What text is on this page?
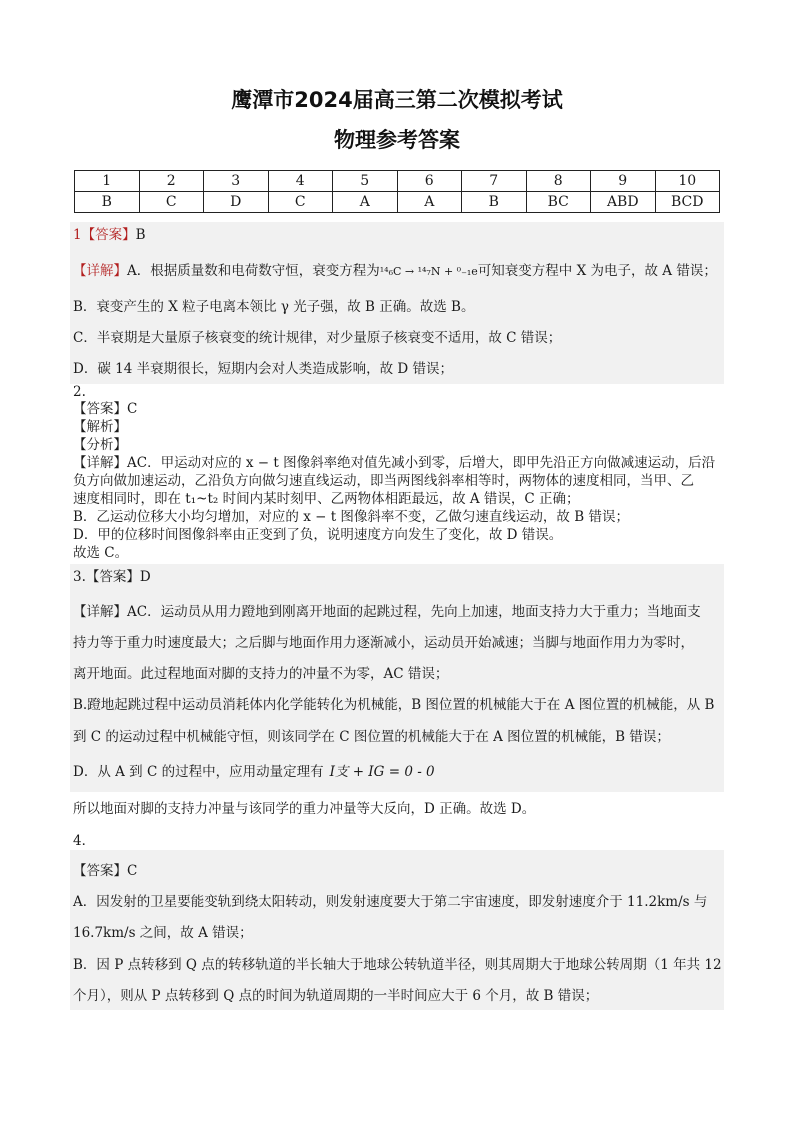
鹰潭市2024届高三第二次模拟考试
物理参考答案
1	2	3	4	5	6	7	8	9	10
B	C	D	C	A	A	B	BC	ABD	BCD
1【答案】B
【详解】A．根据质量数和电荷数守恒，衰变方程为¹⁴₆C → ¹⁴₇N + ⁰₋₁e可知衰变方程中 X 为电子，故 A 错误；
B．衰变产生的 X 粒子电离本领比 γ 光子强，故 B 正确。故选 B。
C．半衰期是大量原子核衰变的统计规律，对少量原子核衰变不适用，故 C 错误；
D．碳 14 半衰期很长，短期内会对人类造成影响，故 D 错误；
2.
【答案】C
【解析】
【分析】
【详解】AC．甲运动对应的 x − t 图像斜率绝对值先减小到零，后增大，即甲先沿正方向做减速运动，后沿
负方向做加速运动，乙沿负方向做匀速直线运动，即当两图线斜率相等时，两物体的速度相同，当甲、乙
速度相同时，即在 t₁~t₂ 时间内某时刻甲、乙两物体相距最远，故 A 错误，C 正确；
B．乙运动位移大小均匀增加，对应的 x − t 图像斜率不变，乙做匀速直线运动，故 B 错误；
D．甲的位移时间图像斜率由正变到了负，说明速度方向发生了变化，故 D 错误。
故选 C。
3.【答案】D
【详解】AC．运动员从用力蹬地到刚离开地面的起跳过程，先向上加速，地面支持力大于重力；当地面支
持力等于重力时速度最大；之后脚与地面作用力逐渐减小，运动员开始减速；当脚与地面作用力为零时，
离开地面。此过程地面对脚的支持力的冲量不为零，AC 错误；
B.蹬地起跳过程中运动员消耗体内化学能转化为机械能，B 图位置的机械能大于在 A 图位置的机械能，从 B
到 C 的运动过程中机械能守恒，则该同学在 C 图位置的机械能大于在 A 图位置的机械能，B 错误；
D．从 A 到 C 的过程中，应用动量定理有 I支 + IG = 0 - 0
所以地面对脚的支持力冲量与该同学的重力冲量等大反向，D 正确。故选 D。
4．
【答案】C
A．因发射的卫星要能变轨到绕太阳转动，则发射速度要大于第二宇宙速度，即发射速度介于 11.2km/s 与
16.7km/s 之间，故 A 错误；
B．因 P 点转移到 Q 点的转移轨道的半长轴大于地球公转轨道半径，则其周期大于地球公转周期（1 年共 12
个月），则从 P 点转移到 Q 点的时间为轨道周期的一半时间应大于 6 个月，故 B 错误；
